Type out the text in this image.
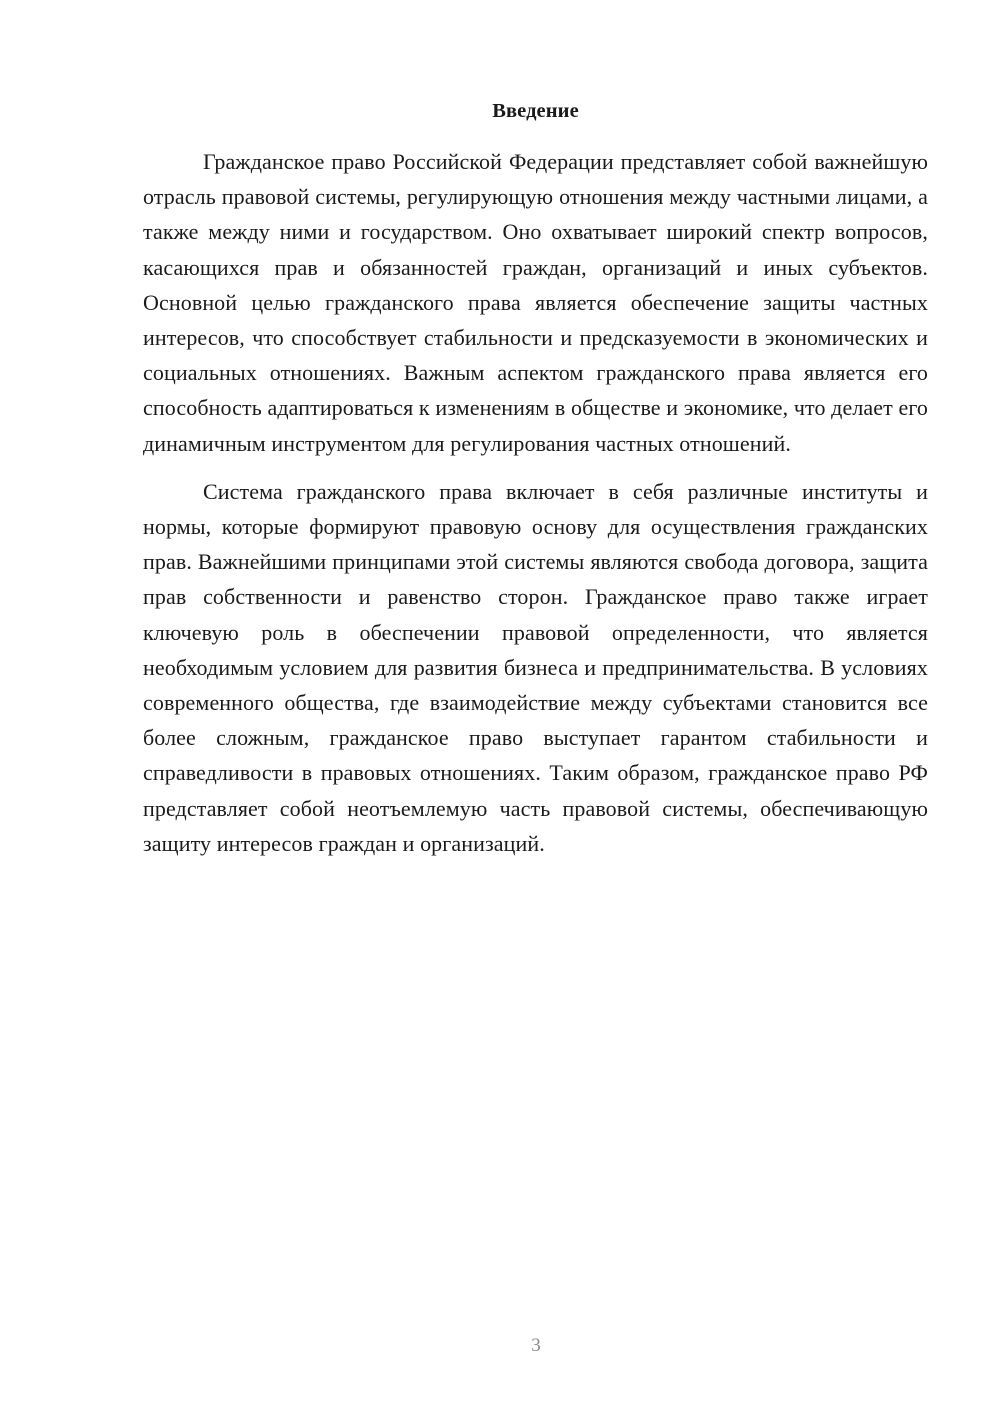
Введение

Гражданское право Российской Федерации представляет собой важнейшую отрасль правовой системы, регулирующую отношения между частными лицами, а также между ними и государством. Оно охватывает широкий спектр вопросов, касающихся прав и обязанностей граждан, организаций и иных субъектов. Основной целью гражданского права является обеспечение защиты частных интересов, что способствует стабильности и предсказуемости в экономических и социальных отношениях. Важным аспектом гражданского права является его способность адаптироваться к изменениям в обществе и экономике, что делает его динамичным инструментом для регулирования частных отношений.

Система гражданского права включает в себя различные институты и нормы, которые формируют правовую основу для осуществления гражданских прав. Важнейшими принципами этой системы являются свобода договора, защита прав собственности и равенство сторон. Гражданское право также играет ключевую роль в обеспечении правовой определенности, что является необходимым условием для развития бизнеса и предпринимательства. В условиях современного общества, где взаимодействие между субъектами становится все более сложным, гражданское право выступает гарантом стабильности и справедливости в правовых отношениях. Таким образом, гражданское право РФ представляет собой неотъемлемую часть правовой системы, обеспечивающую защиту интересов граждан и организаций.

3
